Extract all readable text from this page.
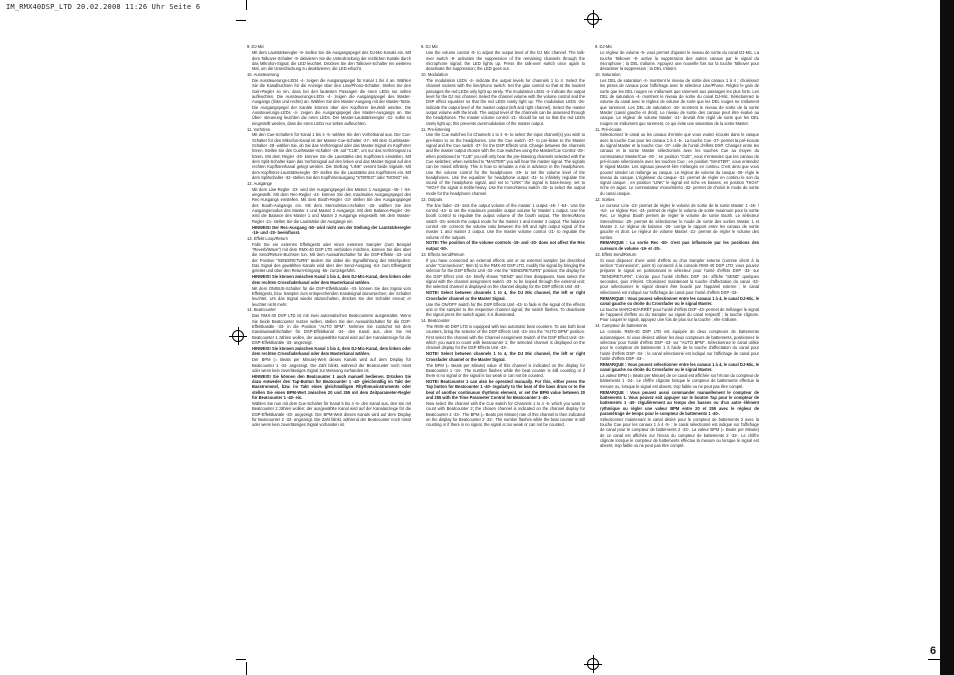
IM_RMX40DSP_LTD 20.02.2008 11:26 Uhr Seite 6

9. DJ-Mic

Mit dem Lautstärkeregler -9- stellen Sie die Ausgangspegel des DJ-Mic-Kanals ein. Mit dem Talkover-Schalter -9- aktivieren Sie die Unterdrückung der restlichen Kanäle durch das Mikrofon-Signal; die LED leuchtet. Drücken Sie den Talkover-Schalter ein weiteres Mal, um die Unterdrückung zu deaktivieren; die LED erlischt.

10. Aussteuerung

Die Aussteuerungs-LEDs -4- zeigen die Ausgangspegel für Kanal 1 bis 4 an. Wählen Sie die Kanalbuchsen für die Anzeige über den Line/Phono-Schalter. Stellen Sie den Gain-Regler so ein, dass bei den lautesten Passagen die roten LEDs nur selten aufleuchten. Die Aussteuerungs-LEDs -4- zeigen die Ausgangspegel des Master-Ausgangs (links und rechts) an. Wählen Sie den Master-Ausgang mit der Master-Taste. Die Ausgangspegel der Kanäle können über den Kopfhörer beurteilt werden. Die Aussteuerungs-LEDs -4- zeigen die Ausgangspegel des Master-Ausgangs an. Bei Über- steuerung leuchten die roten LEDs. Der Master-Lautstärkeregler -21- sollte so eingestellt werden, dass die roten LEDs nur selten aufleuchten.

11. Vorhören

Mit den Cue-Schaltern für Kanal 1 bis 4 -5- wählen Sie den Vorhörkanal aus. Der Cue-Schalter für den Mikrofon-Kanal ist der Master-Cue-Schalter -27-. Mit dem Cue/Master-Schalter -28- wählen Sie, ob Sie das Vorhörsignal oder das Master-Signal im Kopfhörer hören. Stellen Sie den Cue/Master-Schalter -28- auf "CUE", um nur das Vorhörsignal zu hören. Mit dem Regler -29- können Sie die Lautstärke des Kopfhörers einstellen. Mit dem Split-Schalter kann das Vorhörsignal auf den linken und das Master-Signal auf den rechten Kopfhörerkanal gelegt werden. Die Stellung "LINK" vereint beide Signale. Mit dem Kopfhörer-Lautstärkeregler -30- stellen Sie die Lautstärke des Kopfhörers ein. Mit dem Splitschalter -32- stellen Sie den Kopfhörerausgang "STEREO" oder "MONO" ein.

12. Ausgänge

Mit dem Line-Regler -23- wird der Ausgangspegel des Master 1 Ausgangs -45- / -54- eingestellt. Mit dem Rec-Regler -44- können Sie den maximalen Ausgangspegel des Rec-Ausgangs einstellen. Mit dem Booth-Regler -23- stellen Sie den Ausgangspegel des Booth-Ausgangs ein. Mit dem Stereo/Mono-Schalter -25- wählen Sie den Ausgangsmodus des Master 1 und Master 2 Ausgangs. Mit dem Balance-Regler -26- wird die Balance des Master 1 und Master 2 Ausgangs eingestellt. Mit dem Master-Regler -21- stellen Sie die Lautstärke der Ausgänge ein.

HINWEIS! Der Rec-Ausgang -50- wird nicht von der Stellung der Lautstärkeregler -19- und -20- beeinflusst.

13. Effekt Loop/Return

Falls Sie ein externes Effektgerät oder einen externen Sampler (zum Beispiel "Reverb/Wave") mit dem RMX-40 DSP LTD verbinden möchten, können Sie dies über die Send/Return-Buchsen tun. Mit dem Auswahlschalter für die DSP-Effekte -33- und der Position "SEND/RETURN" ändern Sie dabei die Signalführung des Mischpultes: Das Signal des gewählten Kanals wird über den Send-Ausgang -54- zum Effektgerät geleitet und über den Return-Eingang -55- zurückgeführt.

HINWEIS! Sie können zwischen Kanal 1 bis 4, dem DJ-Mic-Kanal, dem linken oder dem rechten Crossfaderkanal oder dem Masterkanal wählen.

Mit dem ON/BUS-Schalter für die DSP-Effektkanäle -43- können Sie das Signal vom Effektgerät, bzw. Sampler zum entsprechenden Kanalsignal dazumischen; der Schalter leuchtet. Um das Signal wieder abzuschalten, drücken Sie den Schalter erneut; er leuchtet nicht mehr.

14. Beatcounter

Das RMX-40 DSP LTD ist mit zwei automatischen Beatcountern ausgestattet. Wenn Sie beide Beatcounter nutzen wollen, stellen Sie den Auswahlschalter für die DSP-Effektkanäle -33- in die Position "AUTO BPM". Nehmen Sie zunächst mit dem Kanalauswahlschalter für DSP-Effektkanal -34- den Kanal aus, dem Sie mit Beatcounter 1 zählen wollen, der ausgewählte Kanal wird auf der Kanalanzeige für die DSP-Effektkanäle -33- angezeigt.

HINWEIS! Sie können zwischen Kanal 1 bis 4, dem DJ-Mic-Kanal, dem linken oder dem rechten Crossfaderkanal oder dem Masterkanal wählen.

Der BPM (= Beats per Minute)-Wert dieses Kanals wird auf dem Display für Beatcounter 1 -34- angezeigt. Die Zahl blinkt, während der Beatcounter noch misst oder wenn kein zuverlässiges Signal zur Messung vorhanden ist.

HINWEIS! Sie können den Beatcounter 1 auch manuell bedienen. Drücken Sie dazu entweder den Tap-Button für Beatcounter 1 -40- gleichmäßig im Takt der Basstrommel, bzw. im Takt eines gleichmäßigen Rhythmusinstruments oder stellen Sie einen BPM-Wert zwischen 20 und 255 mit dem Zeitparameter-Regler für Beatcounter 1 -40- ein.

Wählen Sie nun mit dem Cue-Schalter für Kanal 5 bis 4 -5- den Kanal aus, den Sie mit Beatcounter 2 zählen wollen; der ausgewählte Kanal wird auf der Kanalanzeige für die DSP-Effektkanäle -33- angezeigt. Der BPM-Wert dieses Kanals wird auf dem Display für Beatcounter 2 -32- angezeigt. Die Zahl blinkt, während der Beatcounter noch misst oder wenn kein zuverlässiges Signal vorhanden ist.

9. DJ Mic

Use the volume control -9- to adjust the output level of the DJ Mic channel. The talk-over switch -9- activates the suppression of the remaining channels through the microphone signal; the LED lights up. Press the talk-over switch once again to deactivate the suppression; the LED goes out.

10. Modulation

The modulation LEDs -4- indicate the output levels for channels 1 to 4. Select the channel sockets with the line/phono switch. Set the gain control so that at the loudest passages the red LEDs only light up rarely. The modulation LEDs -4- indicate the output level for the DJ mic channel. Select the channel volume with the volume control and the DSP effect equalizer so that the red LEDs rarely light up. The modulation LEDs -26- indicate the output level of the master output (left and right channel). Select the master output volume with the knob. The output level of the channels can be assessed through the headphones. The master volume control -21- should be set so that the red LEDs rarely light up; this prevents overmodulation of the master output.

11. Pre-listening

Use the Cue switches for Channels 1 to 4 -5- to select the input channel(s) you wish to pre-listen to on the headphones. Use the Cue switch -27- to pre-listen to the Master signal and the Cue switch -37- for the DSP Effects Unit. Change between the channels and the master output chosen with the Cue switches using the Master/Cue Control -28-: when positioned to "CUE" you will only hear the pre-listening channels selected with the Cue switches; when switched to "MASTER" you will hear the master signal. The signals can be mixed infinitely. This is how to simulate a mix in advance in the headphones. Use the volume control for the headphones -29- to set the volume level of the headphones. Use the equalizer for headphone output -31- to infinitely regulate the sound of the headphone signal, and set to "LINK" the signal is bass-heavy; set to "HIGH" the signal is treble-heavy. Use the mono/stereo switch -32- to select the output mode for the headphone channel.

12. Outputs

The line fader -23- sets the output volume of the master 1 output -45- / -54-. Use the control -44- to set the maximum possible output volume for Master 1 output. Use the booth control to regulate the output volume of the booth output. The Stereo/Mono switch -25- selects the output mode for the master 1 and master 2 output. The balance control -26- corrects the volume ratio between the left and right output signal of the master 1 and master 2 output. Use the master volume control -21- to regulate the volume of the outputs.

NOTE! The position of the volume controls -19- and -20- does not affect the Rec output -50-.

13. Effects Send/Return

If you have connected an external effects unit or an external sampler (as described under "Connections", Item 5) to the RMX-40 DSP LTD, modify the signal by bringing the selector for the DSP Effects Unit -33- into the "SEND/RETURN" position; the display for the DSP Effect Unit -34- briefly shows "SEND" and then disappears. Now select the signal with the channel assignment switch -33- to be looped through the external unit; the selected channel is displayed on the channel display for the DSP Effects Unit -33-.

NOTE! Select between channels 1 to 4, the DJ Mic channel, the left or right Crossfader channel or the Master Signal.

Use the ON/OFF switch for the DSP Effects Unit -43- to fade in the signal of the effects unit or the sampler to the respective channel signal; the switch flashes. To deactivate the signal press the switch again; it is illuminated.

14. Beatcounter

The RMX-40 DSP LTD is equipped with two automatic beat counters. To use both beat counters, bring the selector of the DSP Effects Unit -33- into the "AUTO BPM" position. First select the channel with the Channel Assignment Switch of the DSP Effect Unit -34- which you want to count with beatcounter 1; the selected channel is displayed on the channel display for the DSP Effects Unit -33-.

NOTE! Select between channels 1 to 4, the DJ Mic channel, the left or right Crossfader channel or the Master Signal.

The BPM (= Beats per Minute) value of this channel is indicated on the display for Beatcounter 1 -34-. The number flashes while the beat counter is still counting or if there is no signal or the signal is too weak or can not be counted.

NOTE! Beatcounter 1 can also be operated manually. For this, either press the Tap button for Beatcounter 1 -40- regularly to the beat of the bass drum or to the beat of another continuous rhythmic element, or set the BPM value between 20 and 255 with the Time Parameter Control for Beatcounter 1 -40-.

Now select the channel with the Cue switch for Channels 1 to 4 -5- which you want to count with Beatcounter 2; the chosen channel is indicated on the channel display for Beatcounter 2 -33-. The BPM (= Beats per Minute) rate of this channel is then indicated on the display for Beatcounter 2 -32-. The number flashes while the beat counter is still counting or if there is no signal, the signal is too weak or can not be counted.

9. DJ-Mic

Le régleur de volume -9- vous permet d'ajuster le niveau de sortie du canal DJ-Mic. La touche Talkover -9- active la suppression des autres canaux par le signal du microphone ; la DEL s'allume. Appuyez une nouvelle fois sur la touche Talkover pour désactiver la suppression ; la DEL s'éteint.

10. Saturation

Les DEL de saturation -4- montrent le niveau de sortie des canaux 1 à 4 ; choisissez les prises de canaux pour l'affichage avec le sélecteur Line/Phono. Réglez le gain de sorte que les DEL rouges ne s'allument que rarement aux passages les plus forts. Les DEL de saturation -4- montrent le niveau de sortie du canal DJ-Mic. Sélectionnez le volume du canal avec le régleur de volume de sorte que les DEL rouges ne s'allument que rarement. Les DEL de saturation -26- montrent le niveau de sortie de la sortie Master (canal gauche et droit). Le niveau de sortie des canaux peut être évalué au casque. Le régleur de volume Master -21- devrait être réglé de sorte que les DEL rouges ne s'allument que rarement, ce qui évite une saturation de la sortie Master.

11. Pré-écoute

Sélectionnez le canal ou les canaux d'entrée que vous voulez écouter dans le casque avec la touche Cue pour les canaux 1 à 4 -5-. La touche Cue -27- permet la pré-écoute du signal Master et la touche Cue -37- celle de l'unité d'effets DSP. Changez entre les canaux et la sortie Master sélectionnés avec les touches Cue au moyen du commutateur Master/Cue -28- : en position "CUE", vous n'entendez que les canaux de pré-écoute sélectionnés avec les touches Cue ; en position "MASTER", vous entendez le signal Master. Les signaux peuvent être mélangés en continu. C'est ainsi que vous pouvez simuler un mélange au casque. Le régleur de volume du casque -29- règle le niveau du casque. L'égaliseur du casque -31- permet de régler en continu le son du signal casque ; en position "LINK" le signal est riche en basses, en position "HIGH" riche en aigus. Le commutateur mono/stéréo -32- permet de choisir le mode de sortie du canal casque.

12. Sorties

Le curseur Line -23- permet de régler le volume de sortie de la sortie Master 1 -45- / -54-. Le régleur Rec -44- permet de régler le volume de sortie maximum pour la sortie Rec. Le régleur Booth permet de régler le volume de sortie Booth. Le sélecteur Stereo/Mono -25- permet de sélectionner le mode de sortie des sorties Master 1 et Master 2. Le régleur de balance -26- corrige le rapport entre les canaux de sortie gauche et droit. Le régleur de volume Master -21- permet de régler le volume des sorties.

REMARQUE : La sortie Rec -50- n'est pas influencée par les positions des curseurs de volume -19- et -20-.

13. Effets Send/Return

Si vous disposez d'une unité d'effets ou d'un Sampler externe (comme décrit à la section "Connexions", point 5) connecté à la console RMX-40 DSP LTD, vous pouvez préparer le signal en positionnant le sélecteur pour l'unité d'effets DSP -33- sur "SEND/RETURN". L'écran pour l'unité d'effets DSP -34- affiche "SEND" quelques secondes, puis s'éteint. Choisissez maintenant la touche d'affectation du canal -33- pour sélectionner le signal devant être bouclé par l'appareil externe ; le canal sélectionné est indiqué sur l'affichage de canal pour l'unité d'effets DSP -33-.

REMARQUE : Vous pouvez sélectionner entre les canaux 1 à 4, le canal DJ-Mic, le canal gauche ou droite du Crossfader ou le signal Master.

La touche MARCHE/ARRÊT pour l'unité d'effets DSP -43- permet de mélanger le signal de l'appareil d'effets ou du Sampler au signal du canal respectif ; la touche clignote. Pour couper le signal, appuyez une fois de plus sur la touche ; elle s'allume.

14. Compteur de battements

La console RMX-40 DSP LTD est équipée de deux compteurs de battements automatiques. Si vous désirez utiliser les deux compteurs de battements, positionnez le sélecteur pour l'unité d'effets DSP -33- sur "AUTO BPM". Sélectionnez le canal utilisé pour le compteur de battements 1 à l'aide de la touche d'affectation du canal pour l'unité d'effets DSP -34- ; le canal sélectionné est indiqué sur l'affichage de canal pour l'unité d'effets DSP -33-.

REMARQUE : Vous pouvez sélectionner entre les canaux 1 à 4, le canal DJ-Mic, le canal gauche ou droite du Crossfader ou le signal Master.

La valeur BPM (= Beats per Minute) de ce canal est affichée sur l'écran du compteur de battements 1 -34-. Le chiffre clignote lorsque le compteur de battements effectue la mesure ou, lorsque le signal est absent, trop faible ou ne peut pas être compté.

REMARQUE : Vous pouvez aussi commander manuellement le compteur de battements 1. Vous pouvez soit appuyer sur le bouton Tap pour le compteur de battements 1 -40- régulièrement au temps des basses ou d'un autre élément rythmique ou régler une valeur BPM entre 20 et 255 avec le régleur de paramétrage de temps pour le compteur de battements 1 -40-.

Sélectionnez maintenant le canal désiré pour le compteur de battements 2 avec la touche Cue pour les canaux 1 à 4 -5- ; le canal sélectionné est indiqué sur l'affichage de canal pour le compteur de battements 2 -33-. La valeur BPM (= Beats per Minute) de ce canal est affichée sur l'écran du compteur de battements 2 -32-. Le chiffre clignote lorsque le compteur de battements effectue la mesure ou lorsque le signal est absent, trop faible ou ne peut pas être compté.

6
